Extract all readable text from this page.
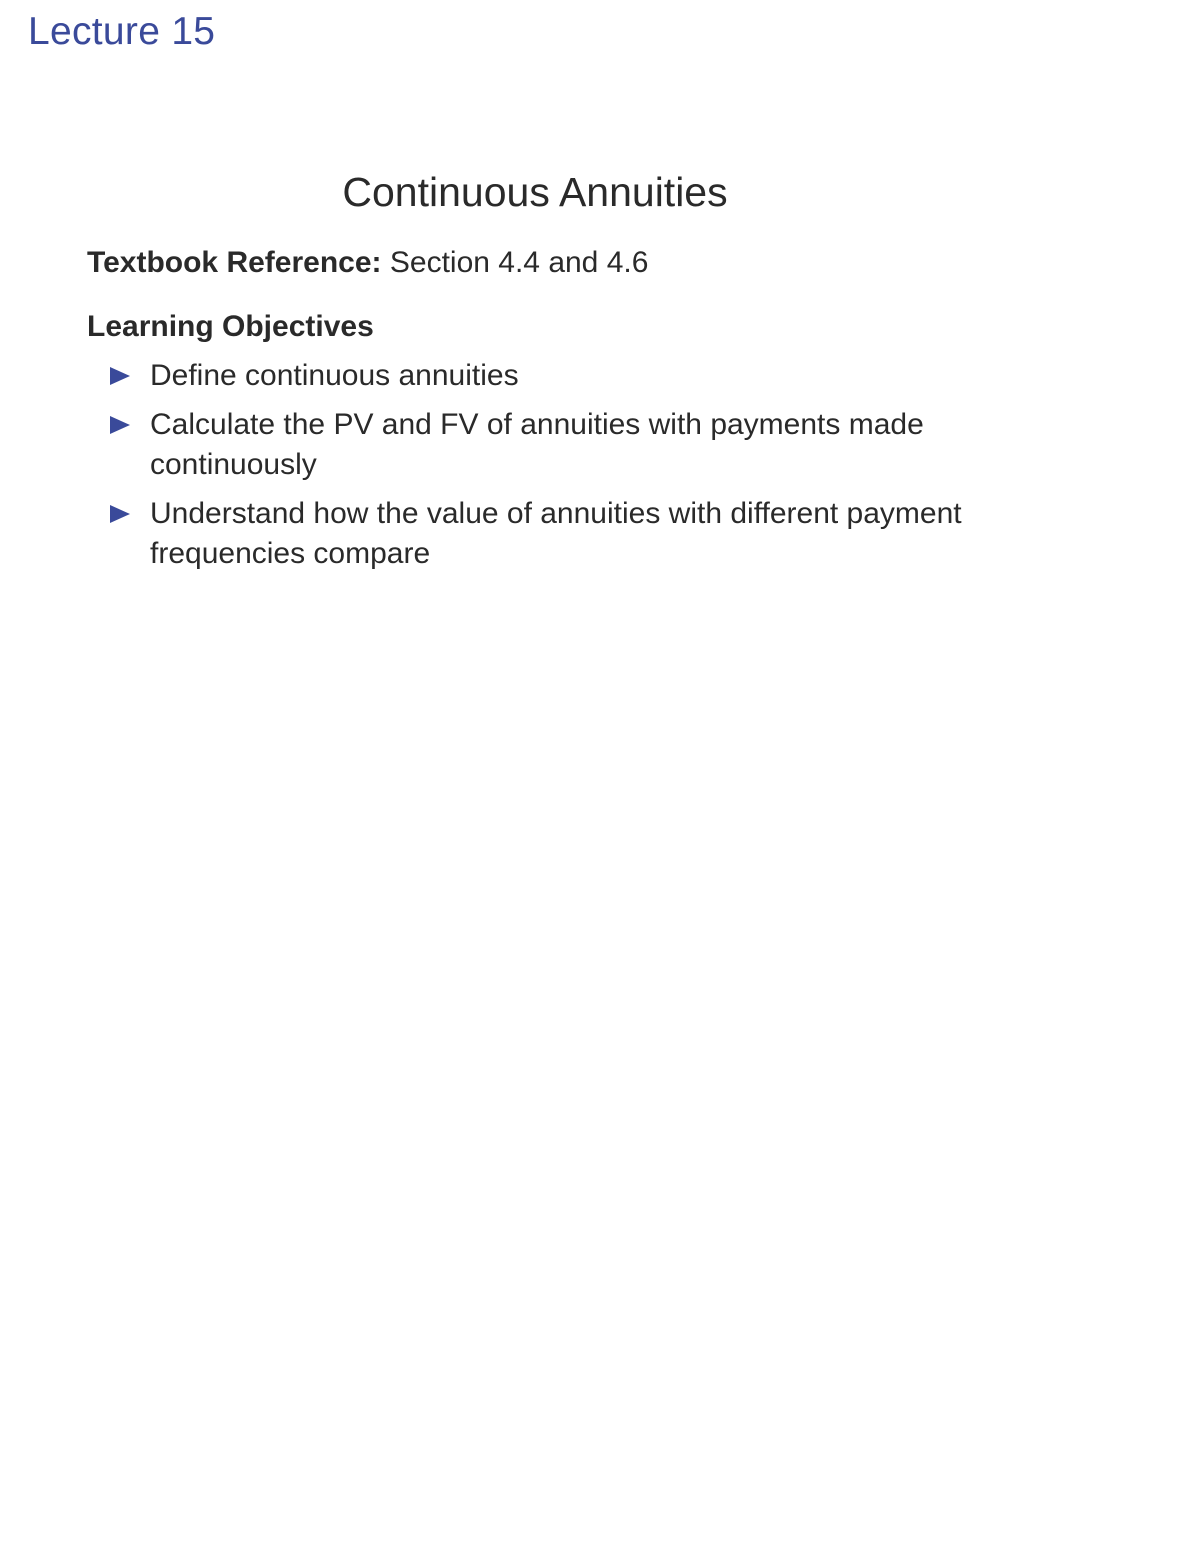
Lecture 15
Continuous Annuities
Textbook Reference: Section 4.4 and 4.6
Learning Objectives
Define continuous annuities
Calculate the PV and FV of annuities with payments made continuously
Understand how the value of annuities with different payment frequencies compare
